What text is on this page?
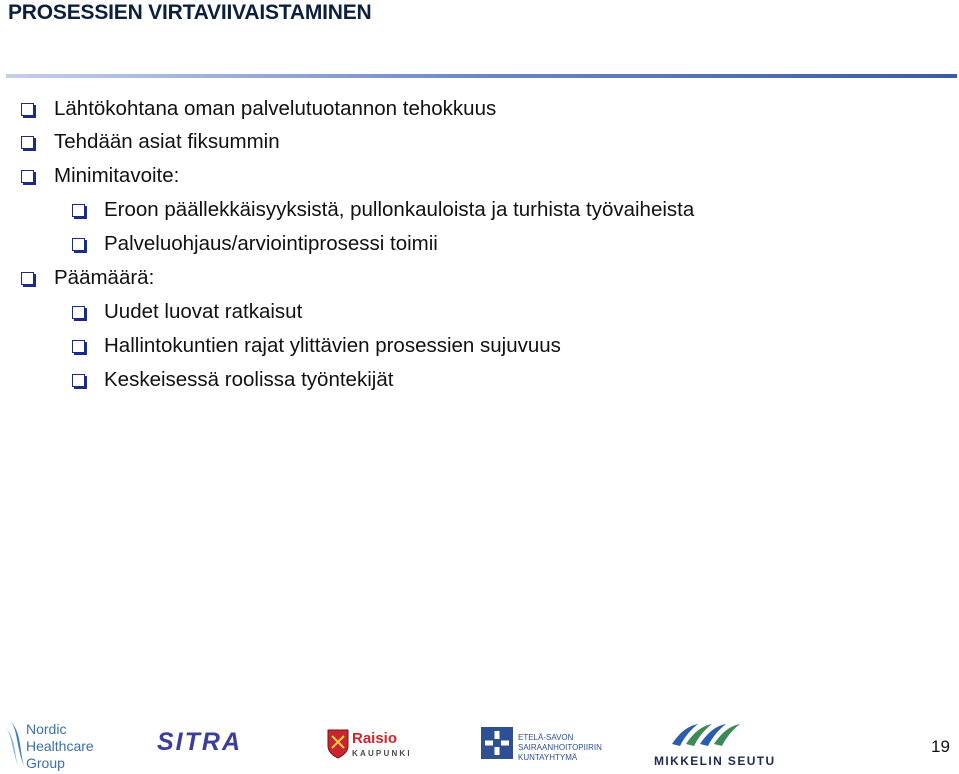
PROSESSIEN VIRTAVIIVAISTAMINEN
Lähtökohtana oman palvelutuotannon tehokkuus
Tehdään asiat fiksummin
Minimitavoite:
Eroon päällekkäisyyksistä, pullonkauloista ja turhista työvaiheista
Palveluohjaus/arviointiprosessi toimii
Päämäärä:
Uudet luovat ratkaisut
Hallintokuntien rajat ylittävien prosessien sujuvuus
Keskeisessä roolissa työntekijät
Nordic
Healthcare
Group
SITRA	Raisio
KAUPUNKI
ETELÄ-SAVON
SAIRAANHOITOPIIRIN
KUNTAYHTYMÄ	MIKKELIN SEUTU
19
